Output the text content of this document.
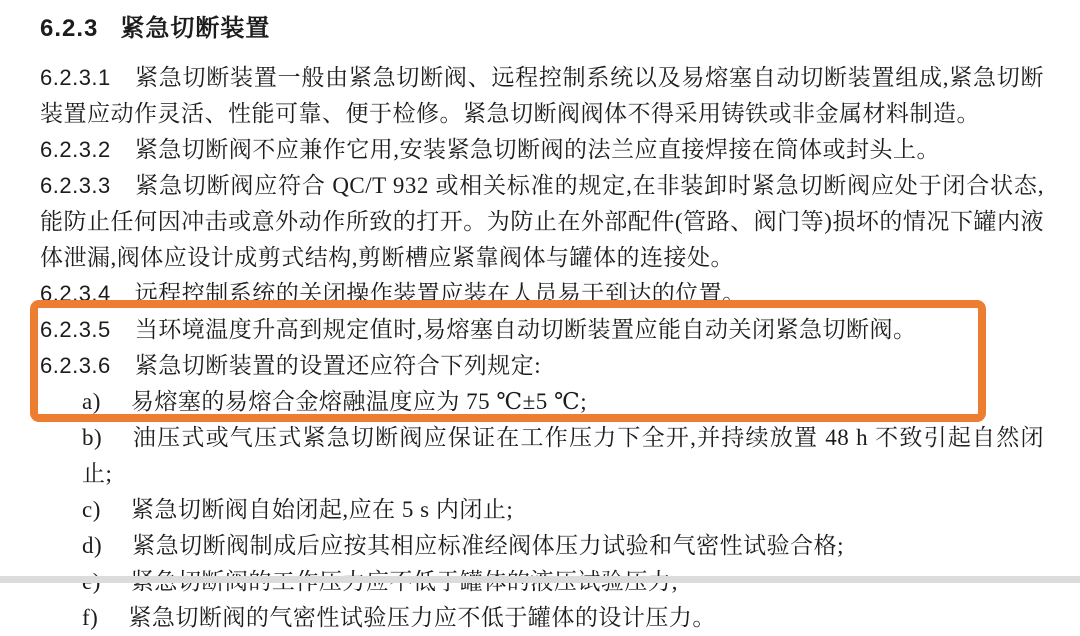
6.2.3 紧急切断装置

6.2.3.1 紧急切断装置一般由紧急切断阀、远程控制系统以及易熔塞自动切断装置组成,紧急切断装置应动作灵活、性能可靠、便于检修。紧急切断阀阀体不得采用铸铁或非金属材料制造。

6.2.3.2 紧急切断阀不应兼作它用,安装紧急切断阀的法兰应直接焊接在筒体或封头上。

6.2.3.3 紧急切断阀应符合 QC/T 932 或相关标准的规定,在非装卸时紧急切断阀应处于闭合状态,能防止任何因冲击或意外动作所致的打开。为防止在外部配件(管路、阀门等)损坏的情况下罐内液体泄漏,阀体应设计成剪式结构,剪断槽应紧靠阀体与罐体的连接处。

6.2.3.4 远程控制系统的关闭操作装置应装在人员易于到达的位置。

6.2.3.5 当环境温度升高到规定值时,易熔塞自动切断装置应能自动关闭紧急切断阀。

6.2.3.6 紧急切断装置的设置还应符合下列规定:

a) 易熔塞的易熔合金熔融温度应为 75 ℃±5 ℃;

b) 油压式或气压式紧急切断阀应保证在工作压力下全开,并持续放置 48 h 不致引起自然闭止;

c) 紧急切断阀自始闭起,应在 5 s 内闭止;

d) 紧急切断阀制成后应按其相应标准经阀体压力试验和气密性试验合格;

f) 紧急切断阀的气密性试验压力应不低于罐体的设计压力。
